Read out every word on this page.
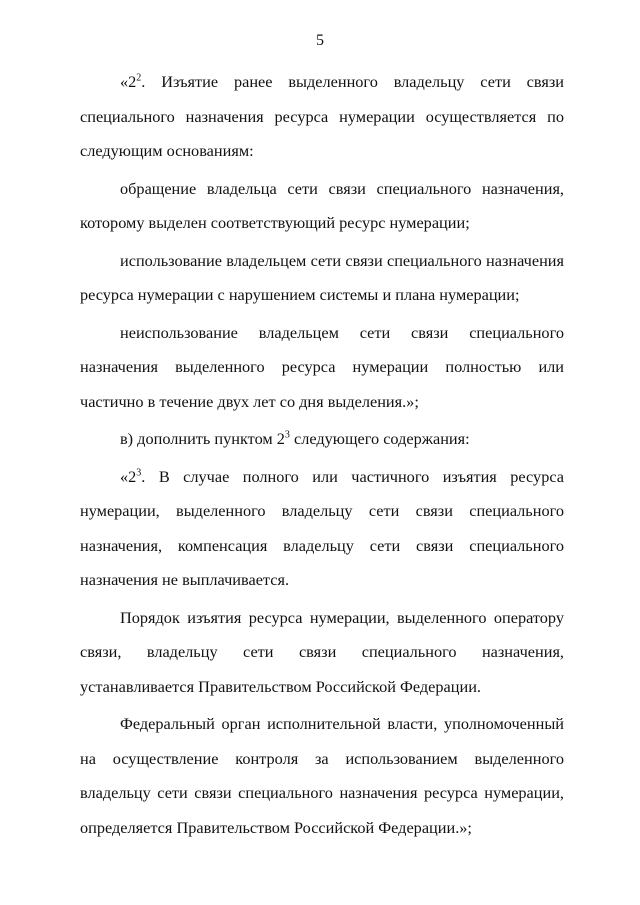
5

«$2^2$. Изъятие ранее выделенного владельцу сети связи специального назначения ресурса нумерации осуществляется по следующим основаниям:

обращение владельца сети связи специального назначения, которому выделен соответствующий ресурс нумерации;

использование владельцем сети связи специального назначения ресурса нумерации с нарушением системы и плана нумерации;

неиспользование владельцем сети связи специального назначения выделенного ресурса нумерации полностью или частично в течение двух лет со дня выделения.»;

в) дополнить пунктом $2^3$ следующего содержания:

«$2^3$. В случае полного или частичного изъятия ресурса нумерации, выделенного владельцу сети связи специального назначения, компенсация владельцу сети связи специального назначения не выплачивается.

Порядок изъятия ресурса нумерации, выделенного оператору связи, владельцу сети связи специального назначения, устанавливается Правительством Российской Федерации.

Федеральный орган исполнительной власти, уполномоченный на осуществление контроля за использованием выделенного владельцу сети связи специального назначения ресурса нумерации, определяется Правительством Российской Федерации.»;
